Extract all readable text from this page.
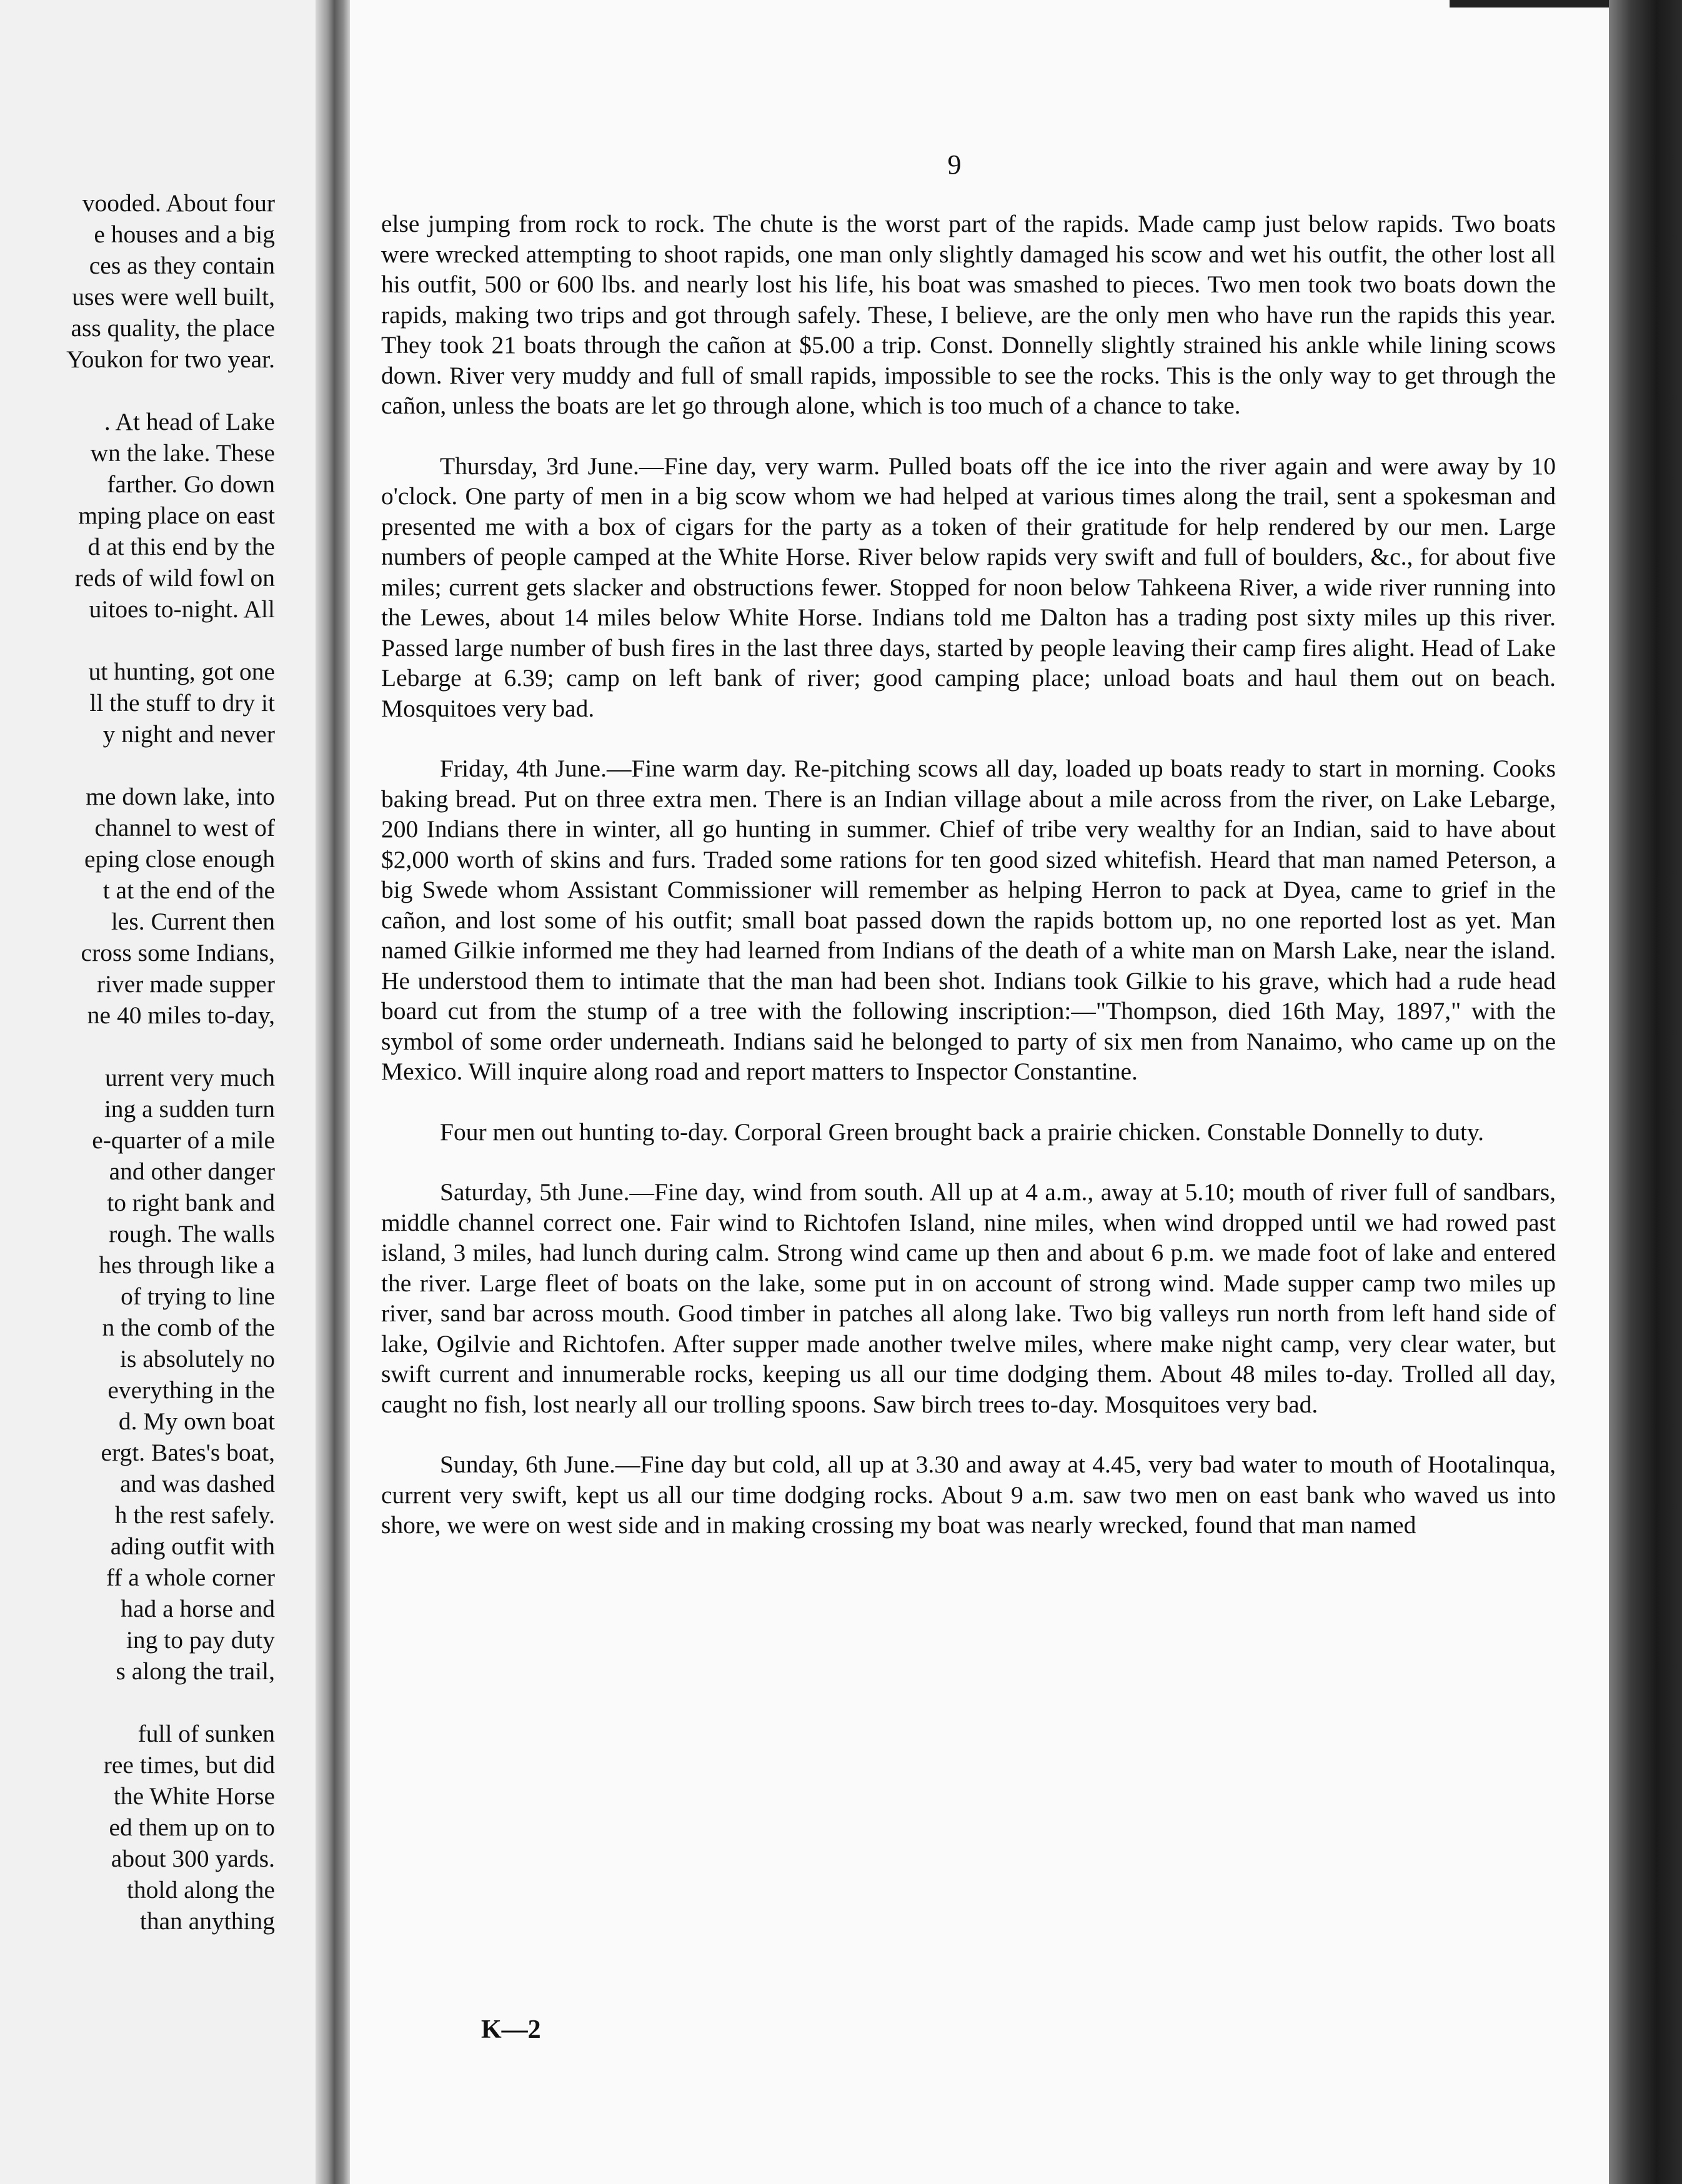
vooded. About four
e houses and a big
ces as they contain
uses were well built,
ass quality, the place
Youkon for two year.
. At head of Lake
wn the lake. These
farther. Go down
mping place on east
d at this end by the
reds of wild fowl on
uitoes to-night. All
ut hunting, got one
ll the stuff to dry it
y night and never
me down lake, into
channel to west of
eping close enough
t at the end of the
les. Current then
cross some Indians,
river made supper
ne 40 miles to-day,
urrent very much
ing a sudden turn
e-quarter of a mile
and other danger
to right bank and
rough. The walls
hes through like a
of trying to line
n the comb of the
is absolutely no
everything in the
d. My own boat
ergt. Bates's boat,
and was dashed
h the rest safely.
ading outfit with
ff a whole corner
had a horse and
ing to pay duty
s along the trail,
full of sunken
ree times, but did
the White Horse
ed them up on to
about 300 yards.
thold along the
than anything
9

else jumping from rock to rock. The chute is the worst part of the rapids. Made camp just below rapids. Two boats were wrecked attempting to shoot rapids, one man only slightly damaged his scow and wet his outfit, the other lost all his outfit, 500 or 600 lbs. and nearly lost his life, his boat was smashed to pieces. Two men took two boats down the rapids, making two trips and got through safely. These, I believe, are the only men who have run the rapids this year. They took 21 boats through the cañon at $5.00 a trip. Const. Donnelly slightly strained his ankle while lining scows down. River very muddy and full of small rapids, impossible to see the rocks. This is the only way to get through the cañon, unless the boats are let go through alone, which is too much of a chance to take.

Thursday, 3rd June.—Fine day, very warm. Pulled boats off the ice into the river again and were away by 10 o'clock. One party of men in a big scow whom we had helped at various times along the trail, sent a spokesman and presented me with a box of cigars for the party as a token of their gratitude for help rendered by our men. Large numbers of people camped at the White Horse. River below rapids very swift and full of boulders, &c., for about five miles; current gets slacker and obstructions fewer. Stopped for noon below Tahkeena River, a wide river running into the Lewes, about 14 miles below White Horse. Indians told me Dalton has a trading post sixty miles up this river. Passed large number of bush fires in the last three days, started by people leaving their camp fires alight. Head of Lake Lebarge at 6.39; camp on left bank of river; good camping place; unload boats and haul them out on beach. Mosquitoes very bad.

Friday, 4th June.—Fine warm day. Re-pitching scows all day, loaded up boats ready to start in morning. Cooks baking bread. Put on three extra men. There is an Indian village about a mile across from the river, on Lake Lebarge, 200 Indians there in winter, all go hunting in summer. Chief of tribe very wealthy for an Indian, said to have about $2,000 worth of skins and furs. Traded some rations for ten good sized whitefish. Heard that man named Peterson, a big Swede whom Assistant Commissioner will remember as helping Herron to pack at Dyea, came to grief in the cañon, and lost some of his outfit; small boat passed down the rapids bottom up, no one reported lost as yet. Man named Gilkie informed me they had learned from Indians of the death of a white man on Marsh Lake, near the island. He understood them to intimate that the man had been shot. Indians took Gilkie to his grave, which had a rude head board cut from the stump of a tree with the following inscription:—"Thompson, died 16th May, 1897," with the symbol of some order underneath. Indians said he belonged to party of six men from Nanaimo, who came up on the Mexico. Will inquire along road and report matters to Inspector Constantine.

Four men out hunting to-day. Corporal Green brought back a prairie chicken. Constable Donnelly to duty.

Saturday, 5th June.—Fine day, wind from south. All up at 4 a.m., away at 5.10; mouth of river full of sandbars, middle channel correct one. Fair wind to Richtofen Island, nine miles, when wind dropped until we had rowed past island, 3 miles, had lunch during calm. Strong wind came up then and about 6 p.m. we made foot of lake and entered the river. Large fleet of boats on the lake, some put in on account of strong wind. Made supper camp two miles up river, sand bar across mouth. Good timber in patches all along lake. Two big valleys run north from left hand side of lake, Ogilvie and Richtofen. After supper made another twelve miles, where make night camp, very clear water, but swift current and innumerable rocks, keeping us all our time dodging them. About 48 miles to-day. Trolled all day, caught no fish, lost nearly all our trolling spoons. Saw birch trees to-day. Mosquitoes very bad.

Sunday, 6th June.—Fine day but cold, all up at 3.30 and away at 4.45, very bad water to mouth of Hootalinqua, current very swift, kept us all our time dodging rocks. About 9 a.m. saw two men on east bank who waved us into shore, we were on west side and in making crossing my boat was nearly wrecked, found that man named

K—2
